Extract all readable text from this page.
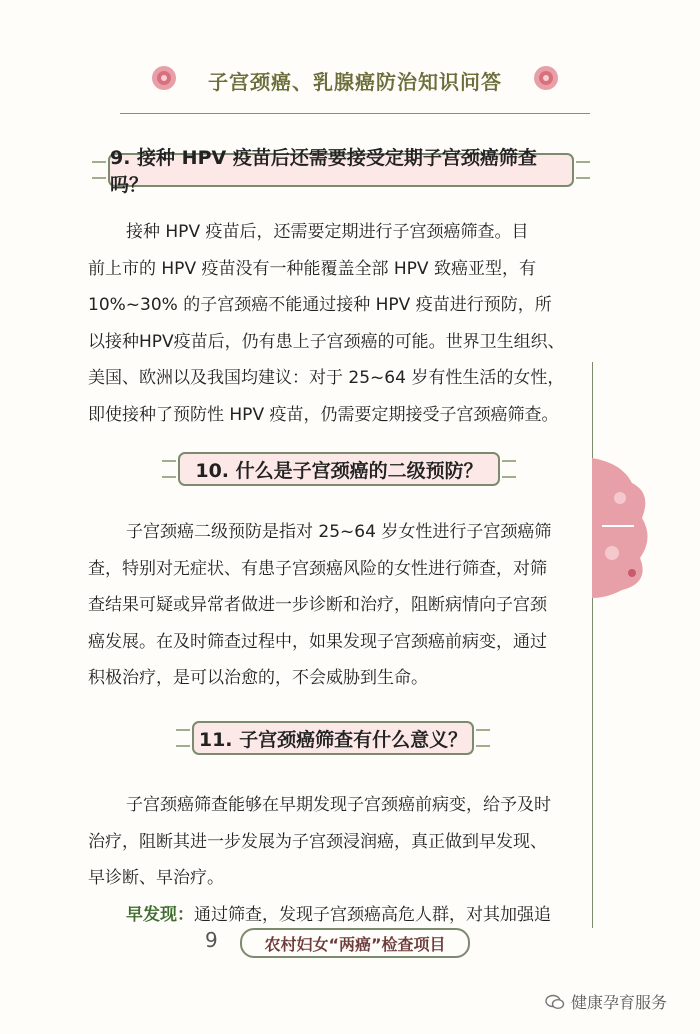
子宫颈癌、乳腺癌防治知识问答
9. 接种 HPV 疫苗后还需要接受定期子宫颈癌筛查吗？
接种 HPV 疫苗后，还需要定期进行子宫颈癌筛查。目
前上市的 HPV 疫苗没有一种能覆盖全部 HPV 致癌亚型，有
10%~30% 的子宫颈癌不能通过接种 HPV 疫苗进行预防，所
以接种HPV疫苗后，仍有患上子宫颈癌的可能。世界卫生组织、
美国、欧洲以及我国均建议：对于 25~64 岁有性生活的女性，
即使接种了预防性 HPV 疫苗，仍需要定期接受子宫颈癌筛查。
10. 什么是子宫颈癌的二级预防？
子宫颈癌二级预防是指对 25~64 岁女性进行子宫颈癌筛
查，特别对无症状、有患子宫颈癌风险的女性进行筛查，对筛
查结果可疑或异常者做进一步诊断和治疗，阻断病情向子宫颈
癌发展。在及时筛查过程中，如果发现子宫颈癌前病变，通过
积极治疗，是可以治愈的，不会威胁到生命。
11. 子宫颈癌筛查有什么意义？
子宫颈癌筛查能够在早期发现子宫颈癌前病变，给予及时
治疗，阻断其进一步发展为子宫颈浸润癌，真正做到早发现、
早诊断、早治疗。
早发现：通过筛查，发现子宫颈癌高危人群，对其加强追
9	农村妇女“两癌”检查项目
健康孕育服务
